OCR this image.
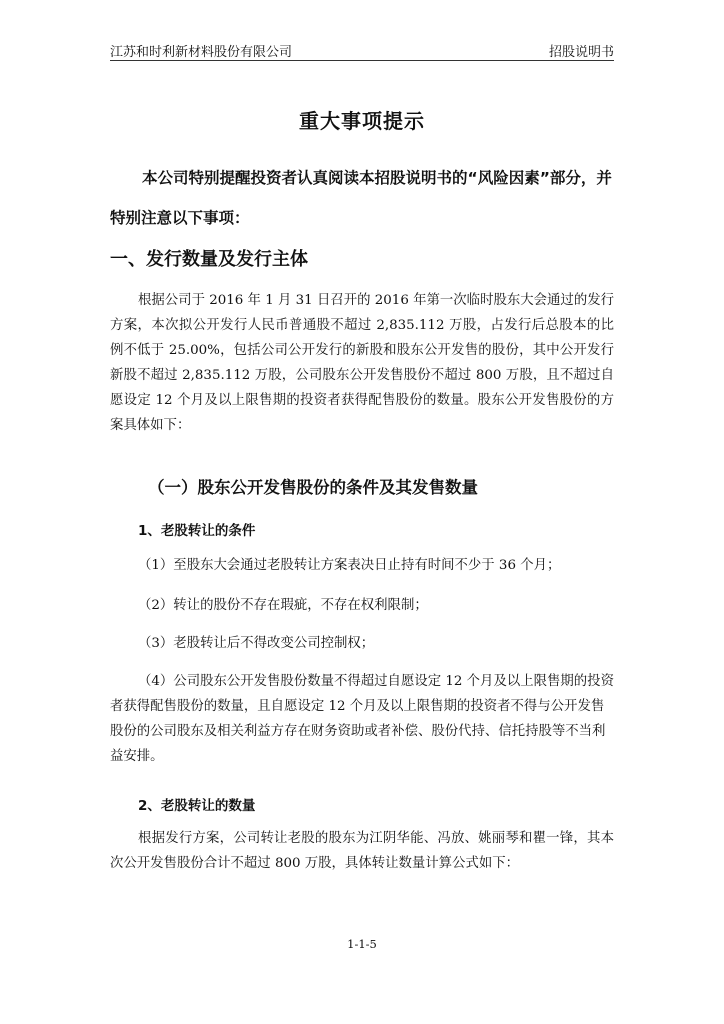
江苏和时利新材料股份有限公司	招股说明书
重大事项提示

本公司特别提醒投资者认真阅读本招股说明书的“风险因素”部分，并特别注意以下事项：

一、发行数量及发行主体

根据公司于 2016 年 1 月 31 日召开的 2016 年第一次临时股东大会通过的发行方案，本次拟公开发行人民币普通股不超过 2,835.112 万股，占发行后总股本的比例不低于 25.00%，包括公司公开发行的新股和股东公开发售的股份，其中公开发行新股不超过 2,835.112 万股，公司股东公开发售股份不超过 800 万股，且不超过自愿设定 12 个月及以上限售期的投资者获得配售股份的数量。股东公开发售股份的方案具体如下：

（一）股东公开发售股份的条件及其发售数量
1、老股转让的条件

（1）至股东大会通过老股转让方案表决日止持有时间不少于 36 个月；

（2）转让的股份不存在瑕疵，不存在权利限制；

（3）老股转让后不得改变公司控制权；

（4）公司股东公开发售股份数量不得超过自愿设定 12 个月及以上限售期的投资者获得配售股份的数量，且自愿设定 12 个月及以上限售期的投资者不得与公开发售股份的公司股东及相关利益方存在财务资助或者补偿、股份代持、信托持股等不当利益安排。

2、老股转让的数量

根据发行方案，公司转让老股的股东为江阴华能、冯放、姚丽琴和瞿一锋，其本次公开发售股份合计不超过 800 万股，具体转让数量计算公式如下：

1-1-5
